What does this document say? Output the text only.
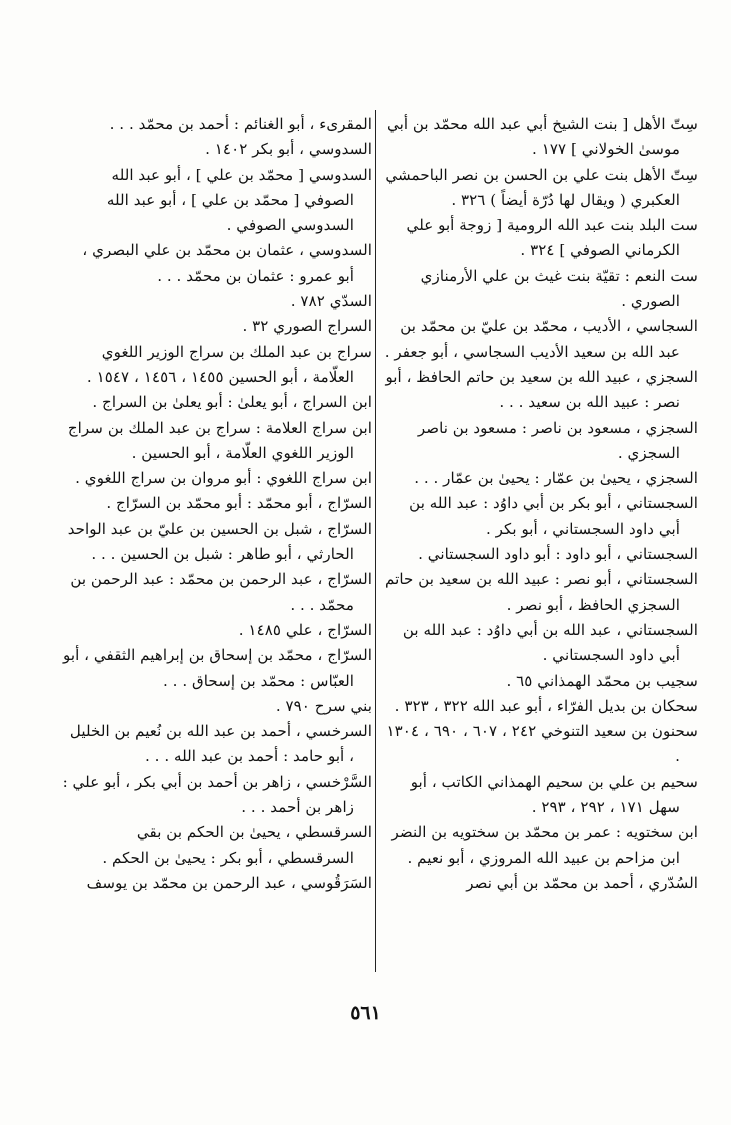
سِتّ الأهل [ بنت الشيخ أبي عبد الله محمّد بن أبي موسىٰ الخولاني ] ١٧٧ .
سِتّ الأهل بنت علي بن الحسن بن نصر الباحمشي العكبري ( ويقال لها دُرّة أيضاً ) ٣٢٦ .
ست البلد بنت عبد الله الرومية [ زوجة أبو علي الكرماني الصوفي ] ٣٢٤ .
ست النعم : تقيّة بنت غيث بن علي الأرمنازي الصوري .
السجاسي ، الأديب ، محمّد بن عليّ بن محمّد بن عبد الله بن سعيد الأديب السجاسي ، أبو جعفر .
السجزي ، عبيد الله بن سعيد بن حاتم الحافظ ، أبو نصر : عبيد الله بن سعيد . . .
السجزي ، مسعود بن ناصر : مسعود بن ناصر السجزي .
السجزي ، يحيىٰ بن عمّار : يحيىٰ بن عمّار . . .
السجستاني ، أبو بكر بن أبي داوُد : عبد الله بن أبي داود السجستاني ، أبو بكر .
السجستاني ، أبو داود : أبو داود السجستاني .
السجستاني ، أبو نصر : عبيد الله بن سعيد بن حاتم السجزي الحافظ ، أبو نصر .
السجستاني ، عبد الله بن أبي داوُد : عبد الله بن أبي داود السجستاني .
سجيب بن محمّد الهمذاني ٦٥ .
سحكان بن بديل الفرّاء ، أبو عبد الله ٣٢٢ ، ٣٢٣ .
سحنون بن سعيد التنوخي ٢٤٢ ، ٦٠٧ ، ٦٩٠ ، ١٣٠٤ .
سحيم بن علي بن سحيم الهمذاني الكاتب ، أبو سهل ١٧١ ، ٢٩٢ ، ٢٩٣ .
ابن سختويه : عمر بن محمّد بن سختويه بن النضر ابن مزاحم بن عبيد الله المروزي ، أبو نعيم .
السُدّري ، أحمد بن محمّد بن أبي نصر
المقرىء ، أبو الغنائم : أحمد بن محمّد . . .
السدوسي ، أبو بكر ١٤٠٢ .
السدوسي [ محمّد بن علي ] ، أبو عبد الله الصوفي [ محمّد بن علي ] ، أبو عبد الله السدوسي الصوفي .
السدوسي ، عثمان بن محمّد بن علي البصري ، أبو عمرو : عثمان بن محمّد . . .
السدّي ٧٨٢ .
السراج الصوري ٣٢ .
سراج بن عبد الملك بن سراج الوزير اللغوي العلّامة ، أبو الحسين ١٤٥٥ ، ١٤٥٦ ، ١٥٤٧ .
ابن السراج ، أبو يعلىٰ : أبو يعلىٰ بن السراج .
ابن سراج العلامة : سراج بن عبد الملك بن سراج الوزير اللغوي العلّامة ، أبو الحسين .
ابن سراج اللغوي : أبو مروان بن سراج اللغوي .
السرّاج ، أبو محمّد : أبو محمّد بن السرّاج .
السرّاج ، شبل بن الحسين بن عليّ بن عبد الواحد الحارثي ، أبو طاهر : شبل بن الحسين . . .
السرّاج ، عبد الرحمن بن محمّد : عبد الرحمن بن محمّد . . .
السرّاج ، علي ١٤٨٥ .
السرّاج ، محمّد بن إسحاق بن إبراهيم الثقفي ، أبو العبّاس : محمّد بن إسحاق . . .
بني سرح ٧٩٠ .
السرخسي ، أحمد بن عبد الله بن نُعيم بن الخليل ، أبو حامد : أحمد بن عبد الله . . .
السَّرْخسي ، زاهر بن أحمد بن أبي بكر ، أبو علي : زاهر بن أحمد . . .
السرقسطي ، يحيىٰ بن الحكم بن بقي السرقسطي ، أبو بكر : يحيىٰ بن الحكم .
السَرَقُوسي ، عبد الرحمن بن محمّد بن يوسف
٥٦١
